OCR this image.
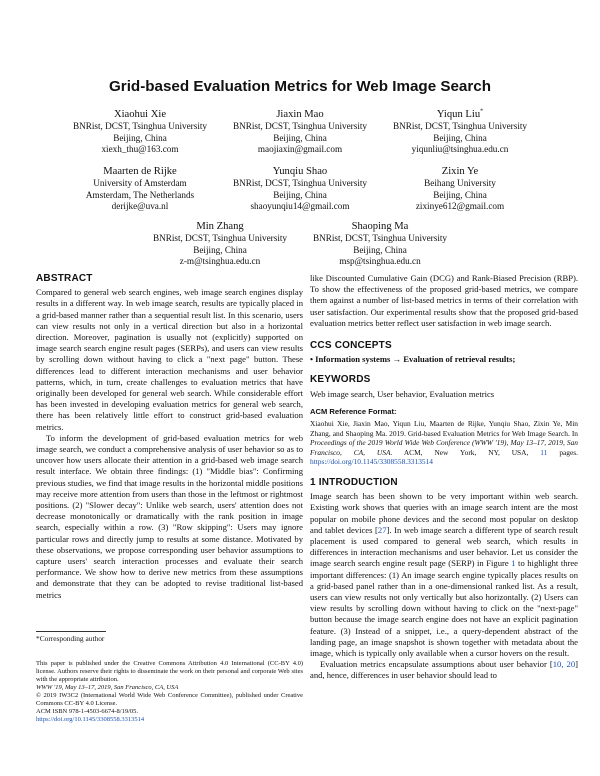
Grid-based Evaluation Metrics for Web Image Search
Xiaohui Xie
BNRist, DCST, Tsinghua University
Beijing, China
xiexh_thu@163.com
Jiaxin Mao
BNRist, DCST, Tsinghua University
Beijing, China
maojiaxin@gmail.com
Yiqun Liu*
BNRist, DCST, Tsinghua University
Beijing, China
yiqunliu@tsinghua.edu.cn
Maarten de Rijke
University of Amsterdam
Amsterdam, The Netherlands
derijke@uva.nl
Yunqiu Shao
BNRist, DCST, Tsinghua University
Beijing, China
shaoyunqiu14@gmail.com
Zixin Ye
Beihang University
Beijing, China
zixinye612@gmail.com
Min Zhang
BNRist, DCST, Tsinghua University
Beijing, China
z-m@tsinghua.edu.cn
Shaoping Ma
BNRist, DCST, Tsinghua University
Beijing, China
msp@tsinghua.edu.cn
ABSTRACT

Compared to general web search engines, web image search engines display results in a different way. In web image search, results are typically placed in a grid-based manner rather than a sequential result list. In this scenario, users can view results not only in a vertical direction but also in a horizontal direction. Moreover, pagination is usually not (explicitly) supported on image search search engine result pages (SERPs), and users can view results by scrolling down without having to click a "next page" button. These differences lead to different interaction mechanisms and user behavior patterns, which, in turn, create challenges to evaluation metrics that have originally been developed for general web search. While considerable effort has been invested in developing evaluation metrics for general web search, there has been relatively little effort to construct grid-based evaluation metrics.

To inform the development of grid-based evaluation metrics for web image search, we conduct a comprehensive analysis of user behavior so as to uncover how users allocate their attention in a grid-based web image search result interface. We obtain three findings: (1) "Middle bias": Confirming previous studies, we find that image results in the horizontal middle positions may receive more attention from users than those in the leftmost or rightmost positions. (2) "Slower decay": Unlike web search, users' attention does not decrease monotonically or dramatically with the rank position in image search, especially within a row. (3) "Row skipping": Users may ignore particular rows and directly jump to results at some distance. Motivated by these observations, we propose corresponding user behavior assumptions to capture users' search interaction processes and evaluate their search performance. We show how to derive new metrics from these assumptions and demonstrate that they can be adopted to revise traditional list-based metrics

*Corresponding author

This paper is published under the Creative Commons Attribution 4.0 International (CC-BY 4.0) license. Authors reserve their rights to disseminate the work on their personal and corporate Web sites with the appropriate attribution.

WWW '19, May 13–17, 2019, San Francisco, CA, USA

© 2019 IW3C2 (International World Wide Web Conference Committee), published under Creative Commons CC-BY 4.0 License.

ACM ISBN 978-1-4503-6674-8/19/05.

https://doi.org/10.1145/3308558.3313514

like Discounted Cumulative Gain (DCG) and Rank-Biased Precision (RBP). To show the effectiveness of the proposed grid-based metrics, we compare them against a number of list-based metrics in terms of their correlation with user satisfaction. Our experimental results show that the proposed grid-based evaluation metrics better reflect user satisfaction in web image search.

CCS CONCEPTS

• Information systems → Evaluation of retrieval results;

KEYWORDS

Web image search, User behavior, Evaluation metrics

ACM Reference Format:
Xiaohui Xie, Jiaxin Mao, Yiqun Liu, Maarten de Rijke, Yunqiu Shao, Zixin Ye, Min Zhang, and Shaoping Ma. 2019. Grid-based Evaluation Metrics for Web Image Search. In Proceedings of the 2019 World Wide Web Conference (WWW '19), May 13–17, 2019, San Francisco, CA, USA. ACM, New York, NY, USA, 11 pages. https://doi.org/10.1145/3308558.3313514
1 INTRODUCTION

Image search has been shown to be very important within web search. Existing work shows that queries with an image search intent are the most popular on mobile phone devices and the second most popular on desktop and tablet devices [27]. In web image search a different type of search result placement is used compared to general web search, which results in differences in interaction mechanisms and user behavior. Let us consider the image search search engine result page (SERP) in Figure 1 to highlight three important differences: (1) An image search engine typically places results on a grid-based panel rather than in a one-dimensional ranked list. As a result, users can view results not only vertically but also horizontally. (2) Users can view results by scrolling down without having to click on the "next-page" button because the image search engine does not have an explicit pagination feature. (3) Instead of a snippet, i.e., a query-dependent abstract of the landing page, an image snapshot is shown together with metadata about the image, which is typically only available when a cursor hovers on the result.

Evaluation metrics encapsulate assumptions about user behavior [10, 20] and, hence, differences in user behavior should lead to
